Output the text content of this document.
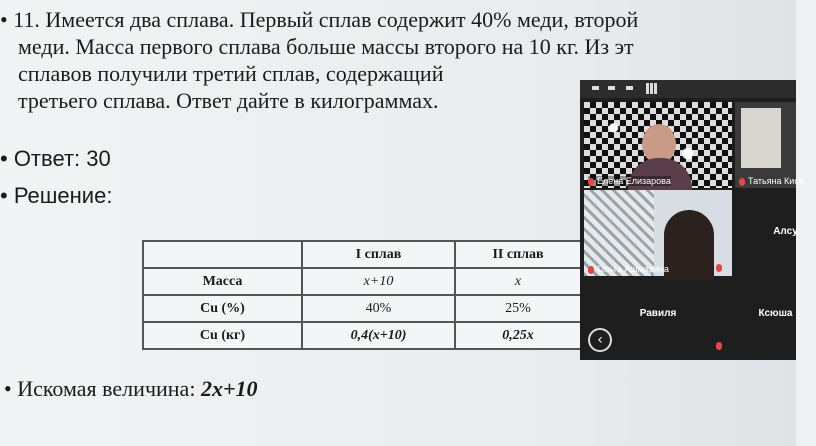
• 11. Имеется два сплава. Первый сплав содержит 40% меди, второй
меди. Масса первого сплава больше массы второго на 10 кг. Из эт
сплавов получили третий сплав, содержащий
третьего сплава. Ответ дайте в килограммах.
• Ответ: 30
• Решение:
	I сплав	II сплав
Масса	x+10	x
Cu (%)	40%	25%
Cu (кг)	0,4(x+10)	0,25x
• Искомая величина: 2x+10
Елена Елизарова	Татьяна Кисе
Ольга Ашмарина
Алсу
Равиля	Ксюша
‹
